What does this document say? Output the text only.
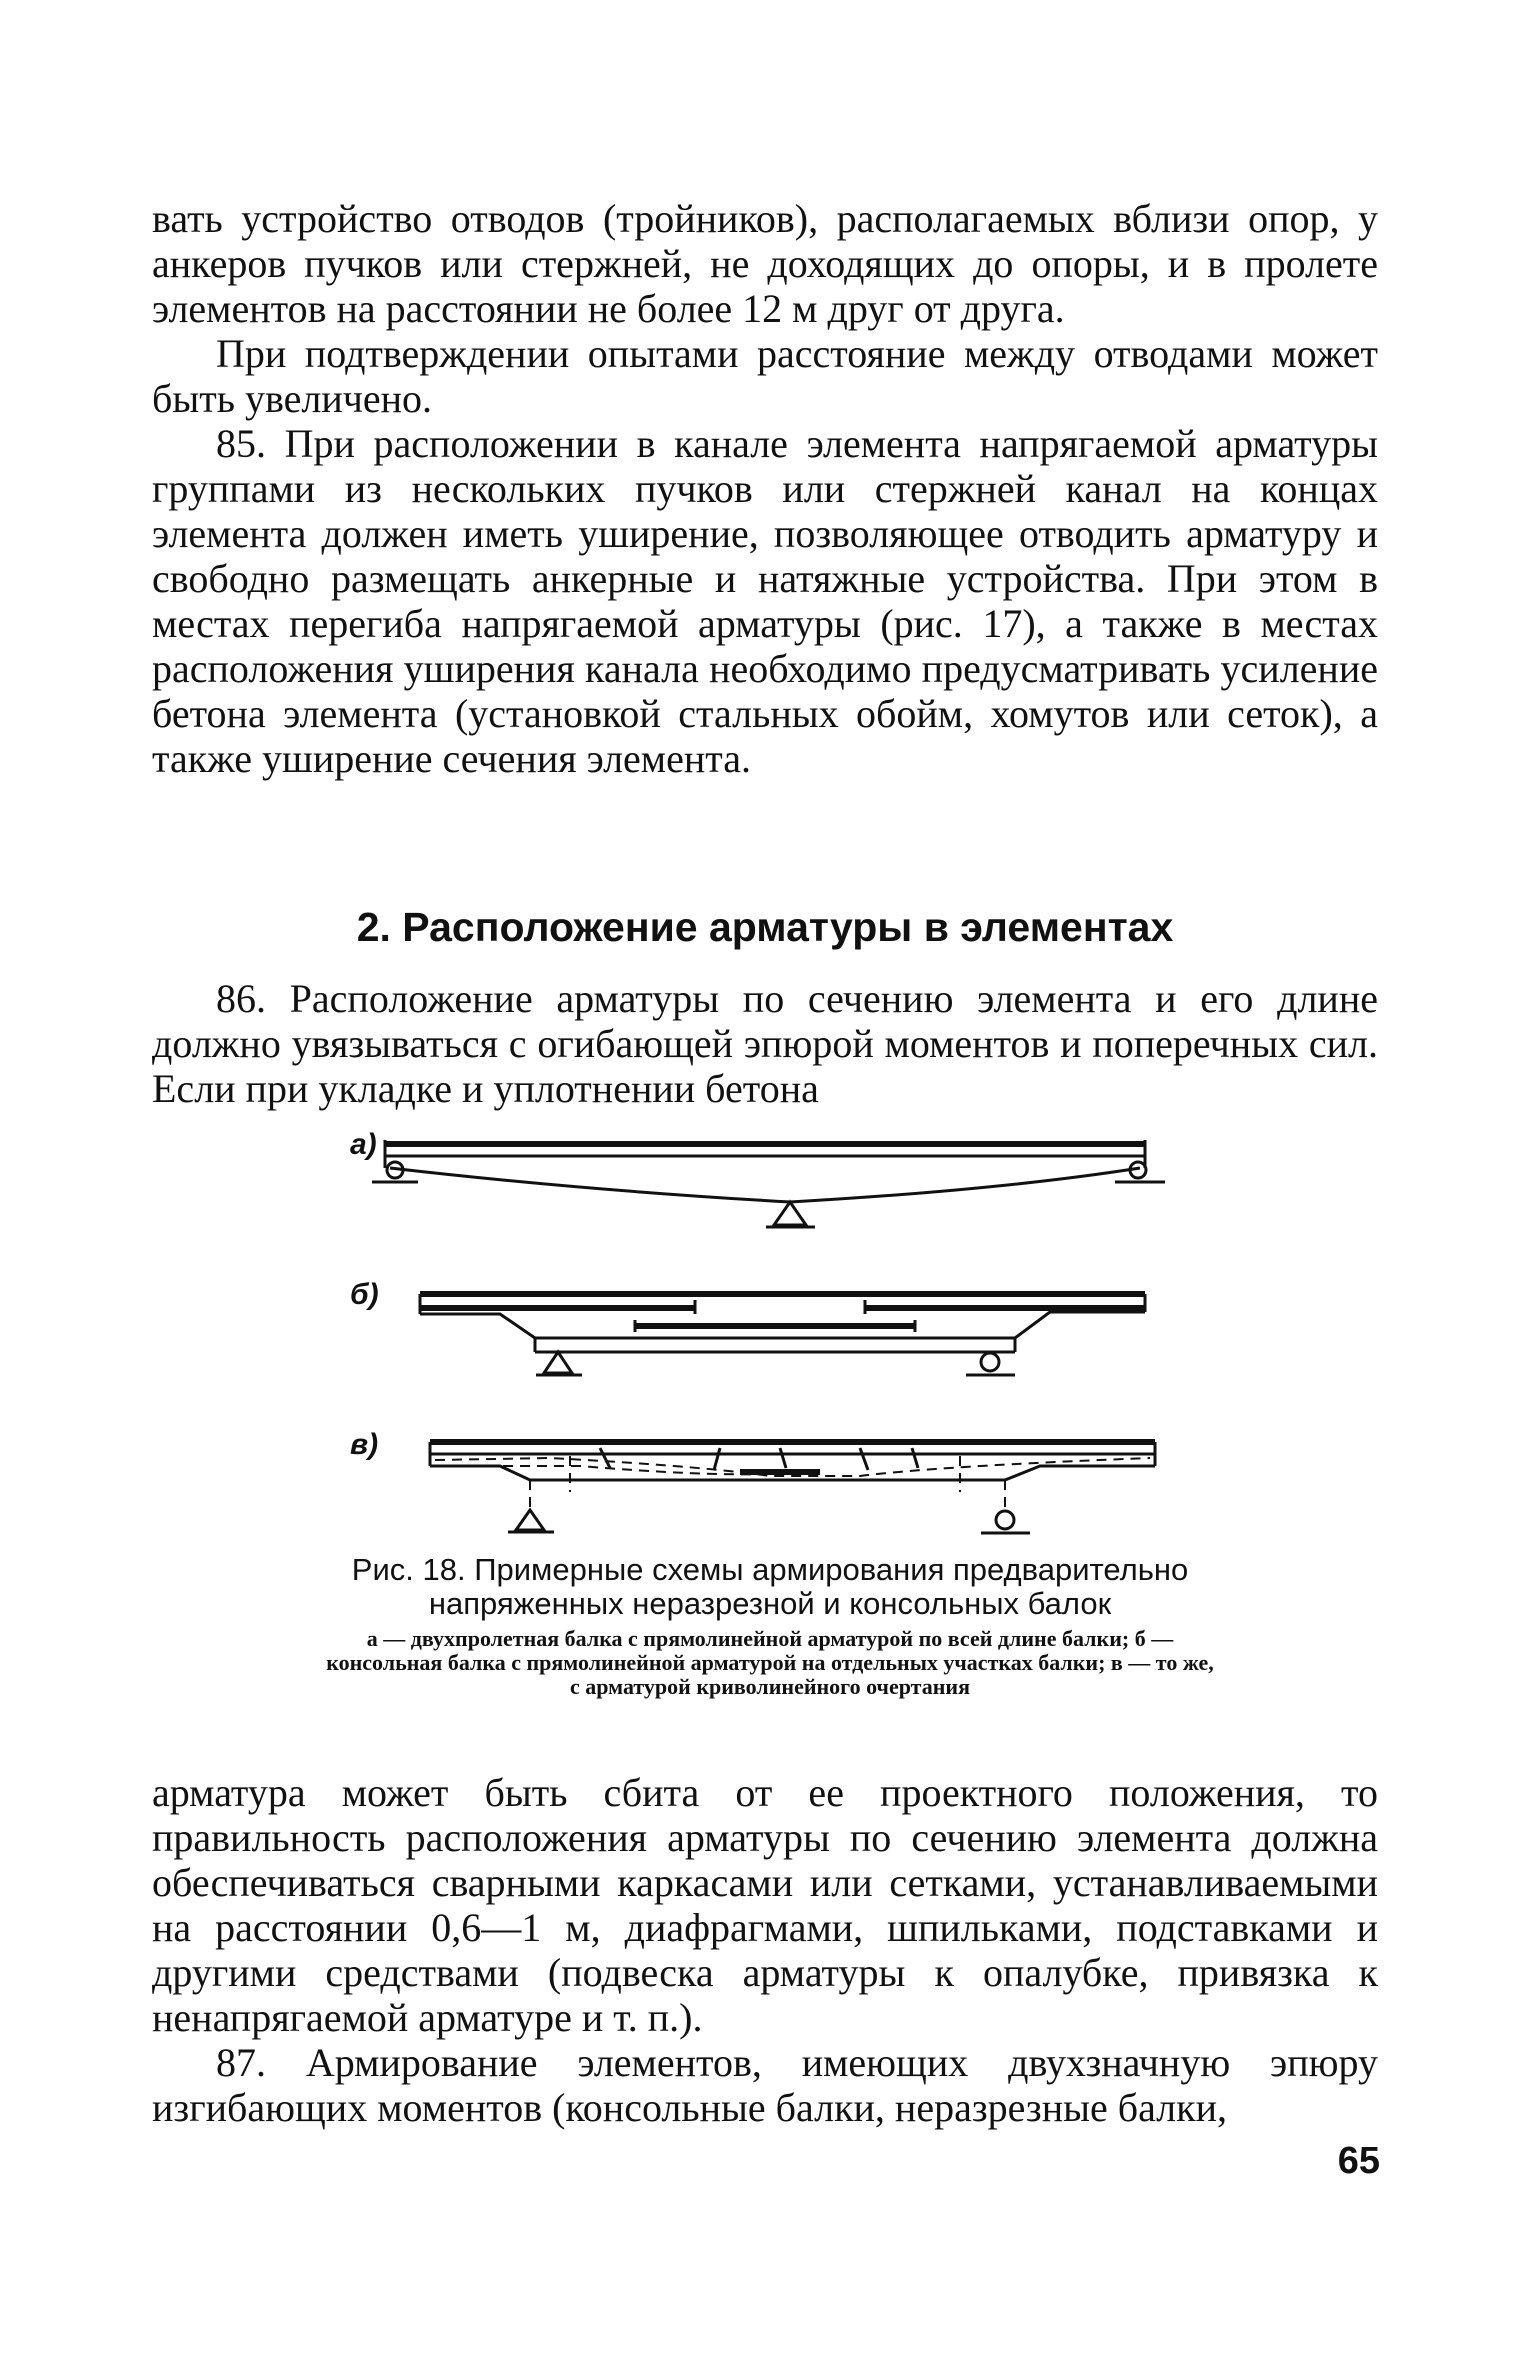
вать устройство отводов (тройников), располагаемых вблизи опор, у анкеров пучков или стержней, не доходящих до опоры, и в пролете элементов на расстоянии не более 12 м друг от друга.

При подтверждении опытами расстояние между отводами может быть увеличено.

85. При расположении в канале элемента напрягаемой арматуры группами из нескольких пучков или стержней канал на концах элемента должен иметь уширение, позволяющее отводить арматуру и свободно размещать анкерные и натяжные устройства. При этом в местах перегиба напрягаемой арматуры (рис. 17), а также в местах расположения уширения канала необходимо предусматривать усиление бетона элемента (установкой стальных обойм, хомутов или сеток), а также уширение сечения элемента.

2. Расположение арматуры в элементах

86. Расположение арматуры по сечению элемента и его длине должно увязываться с огибающей эпюрой моментов и поперечных сил. Если при укладке и уплотнении бетона

а)
б)
в)
Рис. 18. Примерные схемы армирования предварительно напряженных неразрезной и консольных балок
а — двухпролетная балка с прямолинейной арматурой по всей длине балки; б — консольная балка с прямолинейной арматурой на отдельных участках балки; в — то же, с арматурой криволинейного очертания

арматура может быть сбита от ее проектного положения, то правильность расположения арматуры по сечению элемента должна обеспечиваться сварными каркасами или сетками, устанавливаемыми на расстоянии 0,6—1 м, диафрагмами, шпильками, подставками и другими средствами (подвеска арматуры к опалубке, привязка к ненапрягаемой арматуре и т. п.).

87. Армирование элементов, имеющих двухзначную эпюру изгибающих моментов (консольные балки, неразрезные балки,

65
